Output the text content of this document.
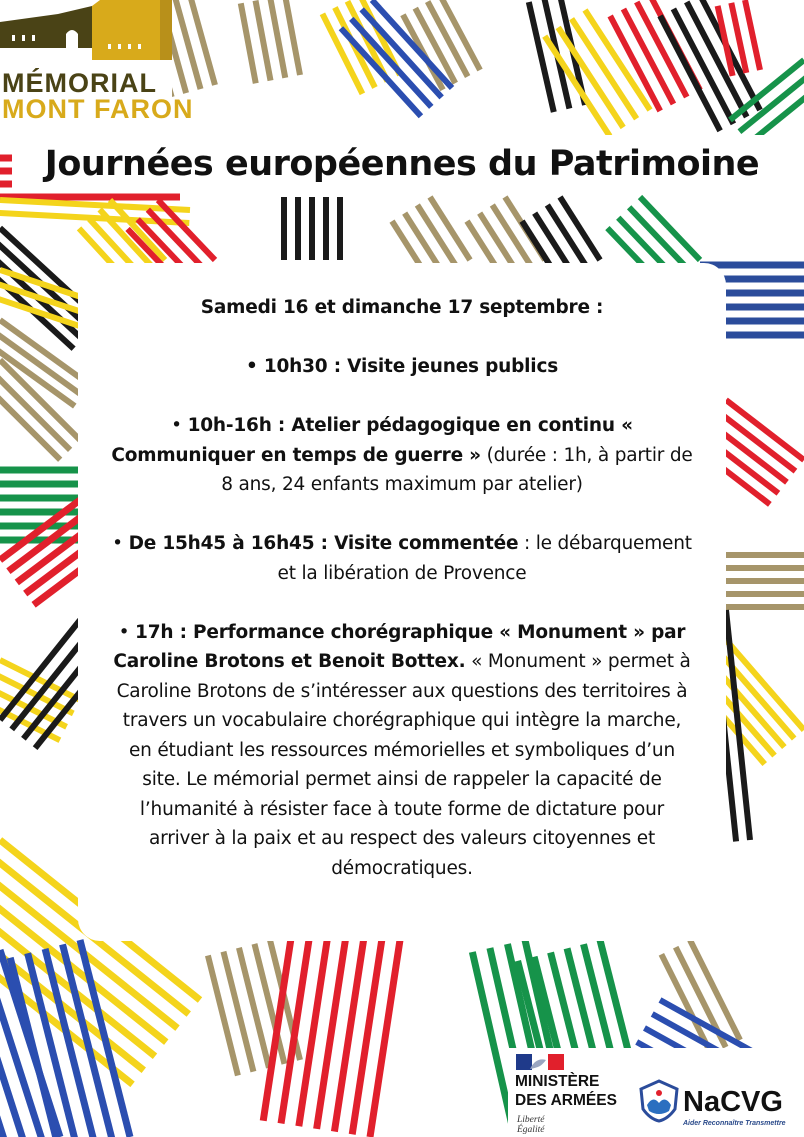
MÉMORIAL
MONT FARON
Journées européennes du Patrimoine

Samedi 16 et dimanche 17 septembre :

• 10h30 : Visite jeunes publics

• 10h-16h : Atelier pédagogique en continu « Communiquer en temps de guerre » (durée : 1h, à partir de 8 ans, 24 enfants maximum par atelier)

• De 15h45 à 16h45 : Visite commentée : le débarquement et la libération de Provence

• 17h : Performance chorégraphique « Monument » par Caroline Brotons et Benoit Bottex. « Monument » permet à Caroline Brotons de s’intéresser aux questions des territoires à travers un vocabulaire chorégraphique qui intègre la marche, en étudiant les ressources mémorielles et symboliques d’un site. Le mémorial permet ainsi de rappeler la capacité de l’humanité à résister face à toute forme de dictature pour arriver à la paix et au respect des valeurs citoyennes et démocratiques.

MINISTÈRE
DES ARMÉES
Liberté
Égalité
NaCVG
Aider Reconnaître Transmettre
